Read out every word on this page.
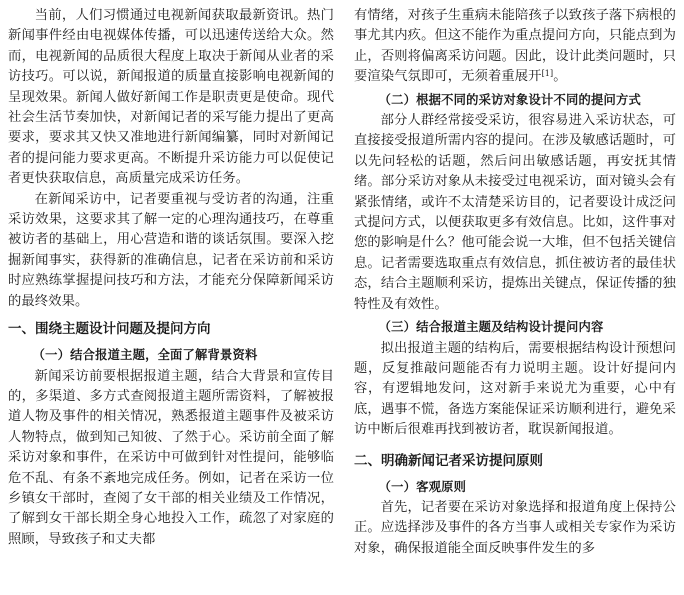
当前，人们习惯通过电视新闻获取最新资讯。热门新闻事件经由电视媒体传播，可以迅速传送给大众。然而，电视新闻的品质很大程度上取决于新闻从业者的采访技巧。可以说，新闻报道的质量直接影响电视新闻的呈现效果。新闻人做好新闻工作是职责更是使命。现代社会生活节奏加快，对新闻记者的采写能力提出了更高要求，要求其又快又准地进行新闻编纂，同时对新闻记者的提问能力要求更高。不断提升采访能力可以促使记者更快获取信息，高质量完成采访任务。

在新闻采访中，记者要重视与受访者的沟通，注重采访效果，这要求其了解一定的心理沟通技巧，在尊重被访者的基础上，用心营造和谐的谈话氛围。要深入挖掘新闻事实，获得新的准确信息，记者在采访前和采访时应熟练掌握提问技巧和方法，才能充分保障新闻采访的最终效果。

一、围绕主题设计问题及提问方向
（一）结合报道主题，全面了解背景资料

新闻采访前要根据报道主题，结合大背景和宣传目的，多渠道、多方式查阅报道主题所需资料，了解被报道人物及事件的相关情况，熟悉报道主题事件及被采访人物特点，做到知己知彼、了然于心。采访前全面了解采访对象和事件，在采访中可做到针对性提问，能够临危不乱、有条不紊地完成任务。例如，记者在采访一位乡镇女干部时，查阅了女干部的相关业绩及工作情况，了解到女干部长期全身心地投入工作，疏忽了对家庭的照顾，导致孩子和丈夫都

有情绪，对孩子生重病未能陪孩子以致孩子落下病根的事尤其内疚。但这不能作为重点提问方向，只能点到为止，否则将偏离采访问题。因此，设计此类问题时，只要渲染气氛即可，无须着重展开[1]。

（二）根据不同的采访对象设计不同的提问方式

部分人群经常接受采访，很容易进入采访状态，可直接接受报道所需内容的提问。在涉及敏感话题时，可以先问轻松的话题，然后问出敏感话题，再安抚其情绪。部分采访对象从未接受过电视采访，面对镜头会有紧张情绪，或许不太清楚采访目的，记者要设计成泛问式提问方式，以便获取更多有效信息。比如，这件事对您的影响是什么？他可能会说一大堆，但不包括关键信息。记者需要选取重点有效信息，抓住被访者的最佳状态，结合主题顺利采访，提炼出关键点，保证传播的独特性及有效性。

（三）结合报道主题及结构设计提问内容

拟出报道主题的结构后，需要根据结构设计预想问题，反复推敲问题能否有力说明主题。设计好提问内容，有逻辑地发问，这对新手来说尤为重要，心中有底，遇事不慌，备选方案能保证采访顺利进行，避免采访中断后很难再找到被访者，耽误新闻报道。

二、明确新闻记者采访提问原则
（一）客观原则

首先，记者要在采访对象选择和报道角度上保持公正。应选择涉及事件的各方当事人或相关专家作为采访对象，确保报道能全面反映事件发生的多
